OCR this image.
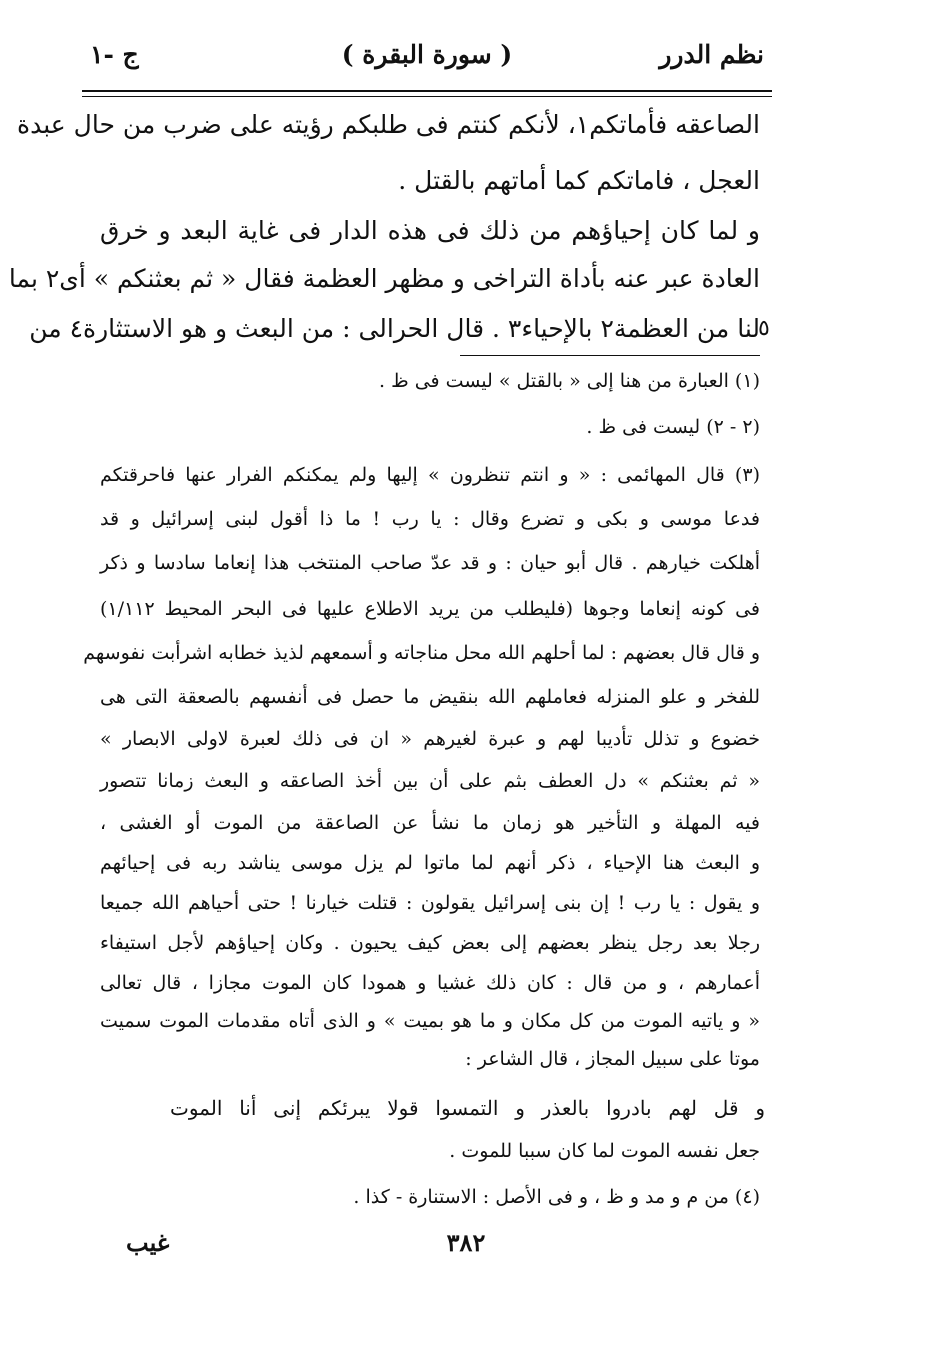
نظم الدرر
( سورة البقرة )
ج -١
الصاعقه فأماتكم١، لأنكم كنتم فى طلبكم رؤيته على ضرب من حال عبدة
العجل ، فاماتكم كما أماتهم بالقتل .
و لما كان إحياؤهم من ذلك فى هذه الدار فى غاية البعد و خرق
العادة عبر عنه بأداة التراخى و مظهر العظمة فقال « ثم بعثنكم » أى٢ بما
لنا من العظمة٢ بالإحياء٣ . قال الحرالى : من البعث و هو الاستثارة٤ من
٥
(١) العبارة من هنا إلى « بالقتل » ليست فى ظ .
(٢ - ٢) ليست فى ظ .
(٣) قال المهائمى : « و انتم تنظرون » إليها ولم يمكنكم الفرار عنها فاحرقتكم
فدعا موسى و بكى و تضرع وقال : يا رب ! ما ذا أقول لبنى إسرائيل و قد
أهلكت خيارهم . قال أبو حيان : و قد عدّ صاحب المنتخب هذا إنعاما سادسا و ذكر
فى كونه إنعاما وجوها (فليطلب من يريد الاطلاع عليها فى البحر المحيط ١/١١٢)
و قال قال بعضهم : لما أحلهم الله محل مناجاته و أسمعهم لذيذ خطابه اشرأبت نفوسهم
للفخر و علو المنزله فعاملهم الله بنقيض ما حصل فى أنفسهم بالصعقة التى هى
خضوع و تذلل تأديبا لهم و عبرة لغيرهم « ان فى ذلك لعبرة لاولى الابصار »
« ثم بعثنكم » دل العطف بثم على أن بين أخذ الصاعقه و البعث زمانا تتصور
فيه المهلة و التأخير هو زمان ما نشأ عن الصاعقة من الموت أو الغشى ،
و البعث هنا الإحياء ، ذكر أنهم لما ماتوا لم يزل موسى يناشد ربه فى إحيائهم
و يقول : يا رب ! إن بنى إسرائيل يقولون : قتلت خيارنا ! حتى أحياهم الله جميعا
رجلا بعد رجل ينظر بعضهم إلى بعض كيف يحيون . وكان إحياؤهم لأجل استيفاء
أعمارهم ، و من قال : كان ذلك غشيا و همودا كان الموت مجازا ، قال تعالى
« و ياتيه الموت من كل مكان و ما هو بميت » و الذى أتاه مقدمات الموت سميت
موتا على سبيل المجاز ، قال الشاعر :
و قل لهم بادروا بالعذر و التمسوا قولا يبرئكم إنى أنا الموت
جعل نفسه الموت لما كان سببا للموت .
(٤) من م و مد و ظ ، و فى الأصل : الاستنارة - كذا .
٣٨٢
غيب
